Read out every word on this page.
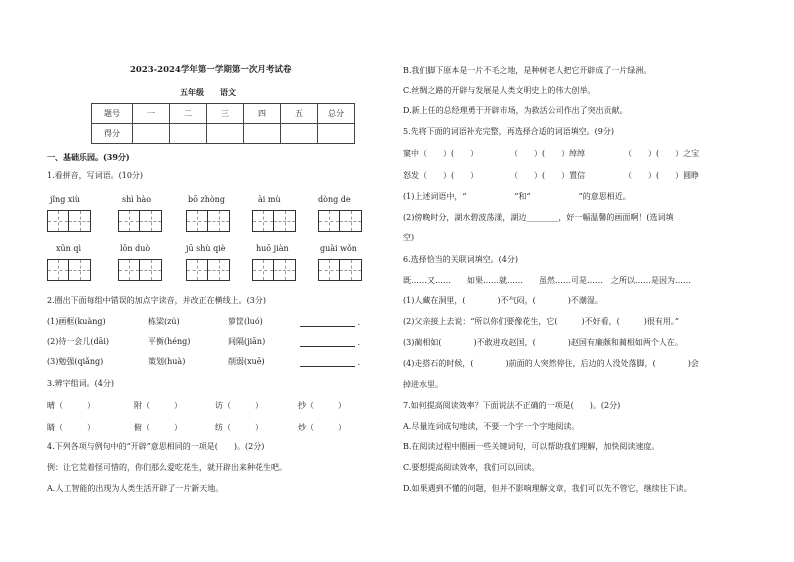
2023-2024学年第一学期第一次月考试卷
五年级　　语文
题号	一	二	三	四	五	总分
得分						
一、基础乐园。(39分)
1.看拼音，写词语。(10分)
jǐng xiù	shì hào	bō zhòng	ài mù	dòng de
xūn qì	lōn duò	jū shù qiè	huō jiàn	guài wǒn
2.圈出下面每组中错误的加点字读音，并改正在横线上。(3分)
(1)画框(kuàng)	栋梁(zú)	箩筐(luó)	.
(2)待一会儿(dāi)	平衡(héng)	间隔(jiān)	.
(3)勉强(qiǎng)	策划(huà)	削弱(xuē)	.
3.辨字组词。(4分)
晴（　　　）	附（　　　）	访（　　　）	抄（　　　）
睛（　　　）	俯（　　　）	纺（　　　）	炒（　　　）
4.下列各项与例句中的“开辟”意思相同的一项是(　　)。(2分)
例：让它荒着怪可惜的，你们那么爱吃花生，就开辟出来种花生吧。
A.人工智能的出现为人类生活开辟了一片新天地。
B.我们脚下原本是一片不毛之地，是种树老人把它开辟成了一片绿洲。
C.丝绸之路的开辟与发展是人类文明史上的伟大创举。
D.新上任的总经理勇于开辟市场，为救活公司作出了突出贡献。
5.先将下面的词语补充完整，再选择合适的词语填空。(9分)
窠中（　　）(　　）	（　　）(　　）绰绰	（　　）(　　）之宝
怒发（　　）(　　）	（　　）(　　）置信	（　　）(　　）圆睁
(1)上述词语中，“　　　　　　”和“　　　　　　”的意思相近。
(2)傍晚时分，湖水碧波荡漾，湖边________，好一幅温馨的画面啊！(选词填
空)
6.选择恰当的关联词填空。(4分)
既……又……　　如果……就……　　虽然……可是……　之所以……是因为……
(1)人藏在洞里，(　　　　)不气闷，(　　　　)不潮湿。
(2)父亲接上去说：“所以你们要像花生，它(　　　)不好看，(　　　)很有用。”
(3)蔺相如(　　　　)不敢进攻赵国，(　　　　)赵国有廉颇和蔺相如两个人在。
(4)走搭石的时候，(　　　　)前面的人突然停住，后边的人没处落脚，(　　　　)会
掉进水里。
7.如何提高阅读效率？下面说法不正确的一项是(　　)。(2分)
A.尽量连词成句地读，不要一个字一个字地阅读。
B.在阅读过程中圈画一些关键词句，可以帮助我们理解，加快阅读速度。
C.要想提高阅读效率，我们可以回读。
D.如果遇到不懂的问题，但并不影响理解文章，我们可以先不管它，继续往下读。
